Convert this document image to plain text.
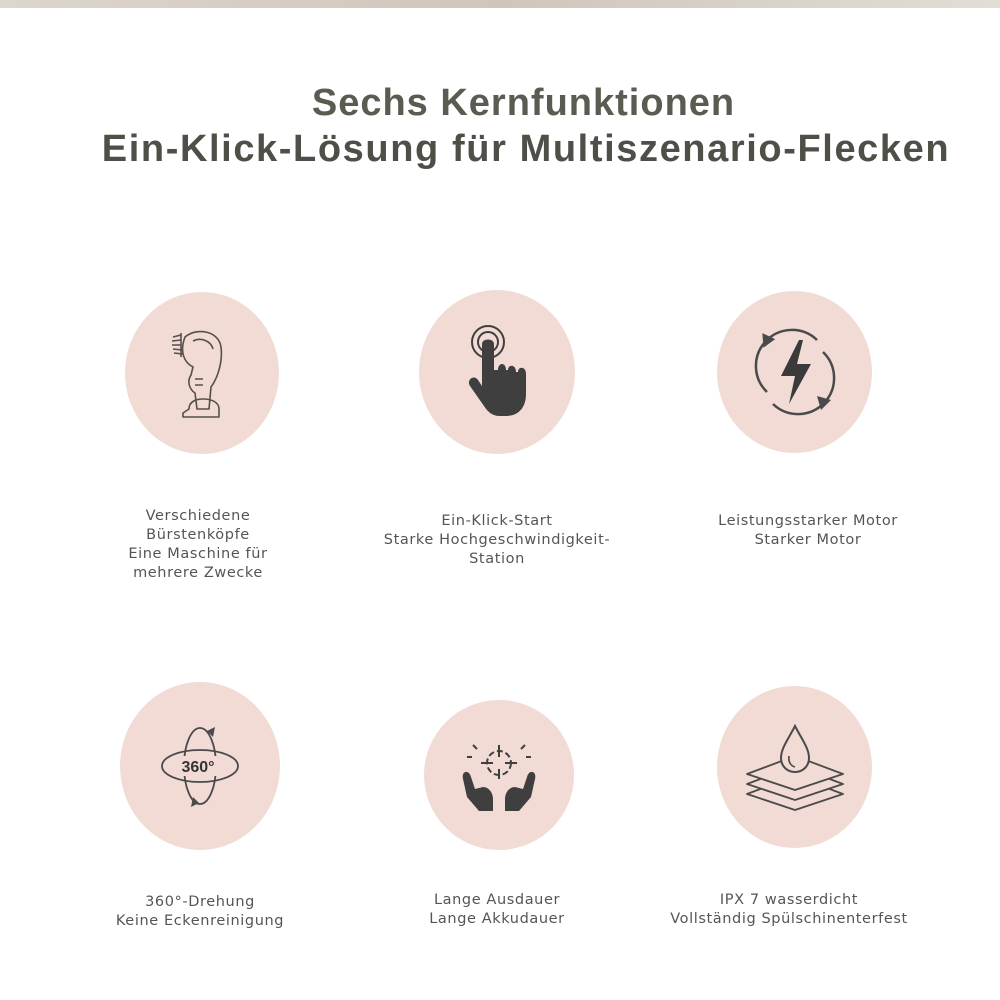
Sechs Kernfunktionen
Ein-Klick-Lösung für Multiszenario-Flecken
Verschiedene
Bürstenköpfe
Eine Maschine für
mehrere Zwecke
Ein-Klick-Start
Starke Hochgeschwindigkeit-
Station
Leistungsstarker Motor
Starker Motor
360°
360°-Drehung
Keine Eckenreinigung
Lange Ausdauer
Lange Akkudauer
IPX 7 wasserdicht
Vollständig Spülschinenterfest
